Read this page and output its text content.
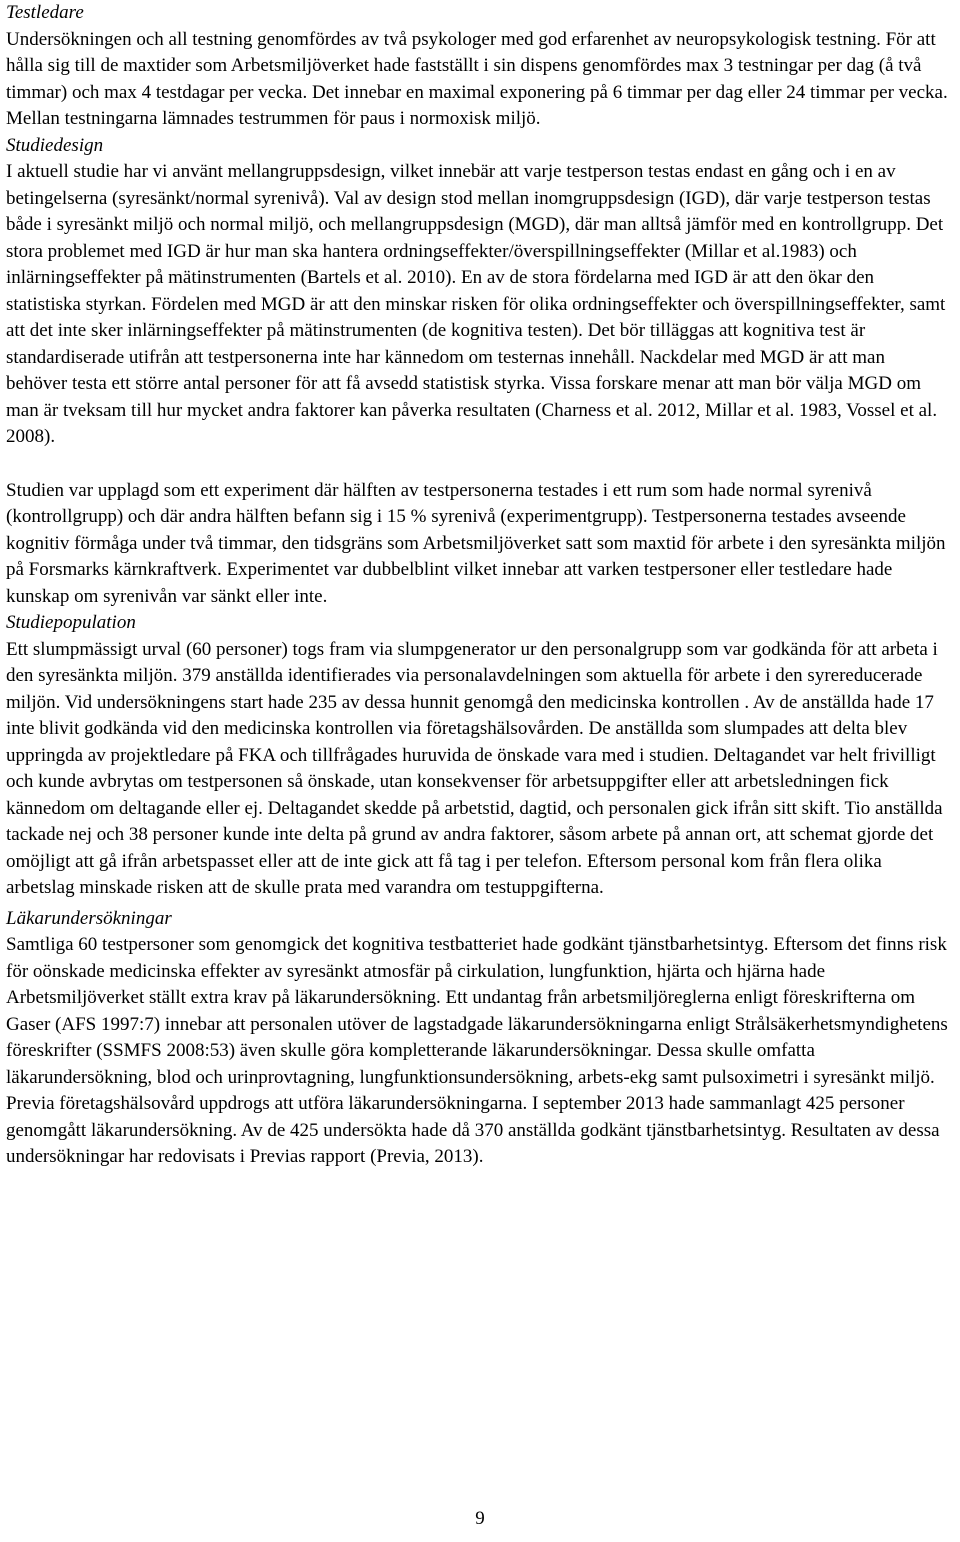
Testledare

Undersökningen och all testning genomfördes av två psykologer med god erfarenhet av neuropsykologisk testning. För att hålla sig till de maxtider som Arbetsmiljöverket hade fastställt i sin dispens genomfördes max 3 testningar per dag (å två timmar) och max 4 testdagar per vecka. Det innebar en maximal exponering på 6 timmar per dag eller 24 timmar per vecka. Mellan testningarna lämnades testrummen för paus i normoxisk miljö.

Studiedesign

I aktuell studie har vi använt mellangruppsdesign, vilket innebär att varje testperson testas endast en gång och i en av betingelserna (syresänkt/normal syrenivå). Val av design stod mellan inomgruppsdesign (IGD), där varje testperson testas både i syresänkt miljö och normal miljö, och mellangruppsdesign (MGD), där man alltså jämför med en kontrollgrupp. Det stora problemet med IGD är hur man ska hantera ordningseffekter/överspillningseffekter (Millar et al.1983) och inlärningseffekter på mätinstrumenten (Bartels et al. 2010). En av de stora fördelarna med IGD är att den ökar den statistiska styrkan. Fördelen med MGD är att den minskar risken för olika ordningseffekter och överspillningseffekter, samt att det inte sker inlärningseffekter på mätinstrumenten (de kognitiva testen). Det bör tilläggas att kognitiva test är standardiserade utifrån att testpersonerna inte har kännedom om testernas innehåll. Nackdelar med MGD är att man behöver testa ett större antal personer för att få avsedd statistisk styrka. Vissa forskare menar att man bör välja MGD om man är tveksam till hur mycket andra faktorer kan påverka resultaten (Charness et al. 2012, Millar et al. 1983, Vossel et al. 2008).

Studien var upplagd som ett experiment där hälften av testpersonerna testades i ett rum som hade normal syrenivå (kontrollgrupp) och där andra hälften befann sig i 15 % syrenivå (experimentgrupp). Testpersonerna testades avseende kognitiv förmåga under två timmar, den tidsgräns som Arbetsmiljöverket satt som maxtid för arbete i den syresänkta miljön på Forsmarks kärnkraftverk. Experimentet var dubbelblint vilket innebar att varken testpersoner eller testledare hade kunskap om syrenivån var sänkt eller inte.

Studiepopulation

Ett slumpmässigt urval (60 personer) togs fram via slumpgenerator ur den personalgrupp som var godkända för att arbeta i den syresänkta miljön. 379 anställda identifierades via personalavdelningen som aktuella för arbete i den syrereducerade miljön. Vid undersökningens start hade 235 av dessa hunnit genomgå den medicinska kontrollen . Av de anställda hade 17 inte blivit godkända vid den medicinska kontrollen via företagshälsovården. De anställda som slumpades att delta blev uppringda av projektledare på FKA och tillfrågades huruvida de önskade vara med i studien. Deltagandet var helt frivilligt och kunde avbrytas om testpersonen så önskade, utan konsekvenser för arbetsuppgifter eller att arbetsledningen fick kännedom om deltagande eller ej. Deltagandet skedde på arbetstid, dagtid, och personalen gick ifrån sitt skift. Tio anställda tackade nej och 38 personer kunde inte delta på grund av andra faktorer, såsom arbete på annan ort, att schemat gjorde det omöjligt att gå ifrån arbetspasset eller att de inte gick att få tag i per telefon. Eftersom personal kom från flera olika arbetslag minskade risken att de skulle prata med varandra om testuppgifterna.

Läkarundersökningar

Samtliga 60 testpersoner som genomgick det kognitiva testbatteriet hade godkänt tjänstbarhetsintyg. Eftersom det finns risk för oönskade medicinska effekter av syresänkt atmosfär på cirkulation, lungfunktion, hjärta och hjärna hade Arbetsmiljöverket ställt extra krav på läkarundersökning. Ett undantag från arbetsmiljöreglerna enligt föreskrifterna om Gaser (AFS 1997:7) innebar att personalen utöver de lagstadgade läkarundersökningarna enligt Strålsäkerhetsmyndighetens föreskrifter (SSMFS 2008:53) även skulle göra kompletterande läkarundersökningar. Dessa skulle omfatta läkarundersökning, blod och urinprovtagning, lungfunktionsundersökning, arbets-ekg samt pulsoximetri i syresänkt miljö. Previa företagshälsovård uppdrogs att utföra läkarundersökningarna. I september 2013 hade sammanlagt 425 personer genomgått läkarundersökning. Av de 425 undersökta hade då 370 anställda godkänt tjänstbarhetsintyg. Resultaten av dessa undersökningar har redovisats i Previas rapport (Previa, 2013).

9
